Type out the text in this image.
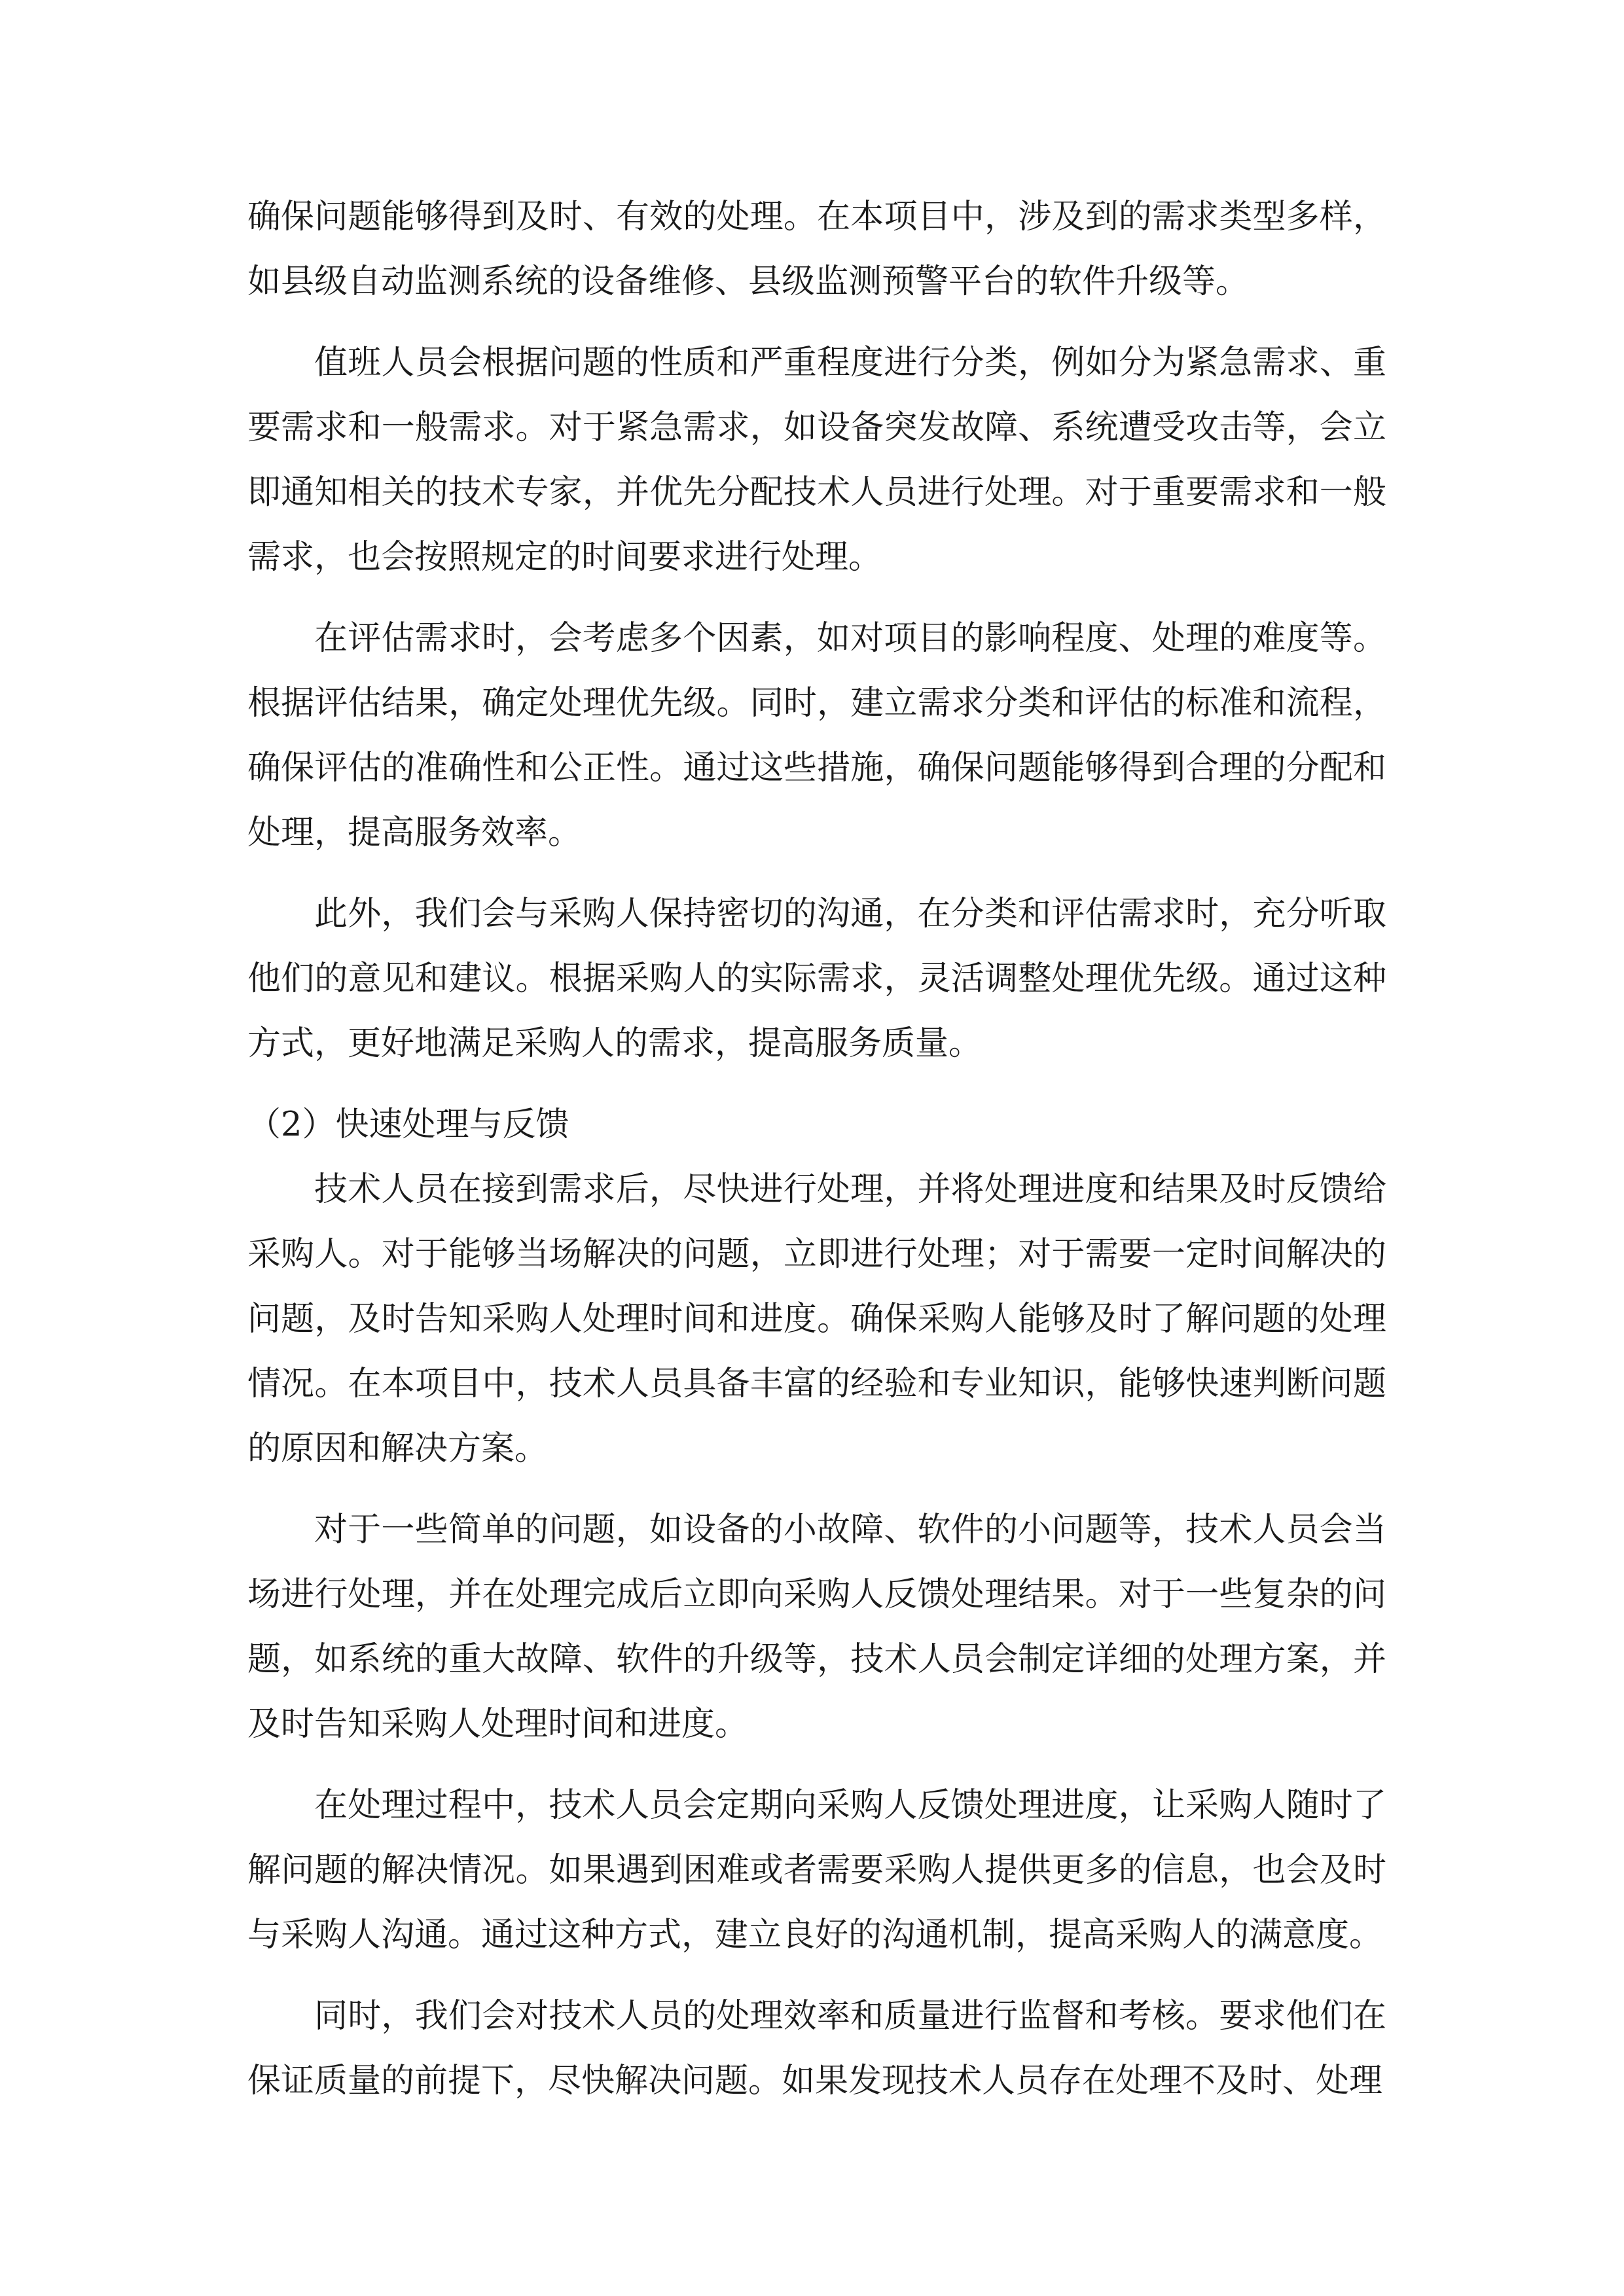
确保问题能够得到及时、有效的处理。在本项目中，涉及到的需求类型多样，如县级自动监测系统的设备维修、县级监测预警平台的软件升级等。

值班人员会根据问题的性质和严重程度进行分类，例如分为紧急需求、重要需求和一般需求。对于紧急需求，如设备突发故障、系统遭受攻击等，会立即通知相关的技术专家，并优先分配技术人员进行处理。对于重要需求和一般需求，也会按照规定的时间要求进行处理。

在评估需求时，会考虑多个因素，如对项目的影响程度、处理的难度等。根据评估结果，确定处理优先级。同时，建立需求分类和评估的标准和流程，确保评估的准确性和公正性。通过这些措施，确保问题能够得到合理的分配和处理，提高服务效率。

此外，我们会与采购人保持密切的沟通，在分类和评估需求时，充分听取他们的意见和建议。根据采购人的实际需求，灵活调整处理优先级。通过这种方式，更好地满足采购人的需求，提高服务质量。

（2）快速处理与反馈

技术人员在接到需求后，尽快进行处理，并将处理进度和结果及时反馈给采购人。对于能够当场解决的问题，立即进行处理；对于需要一定时间解决的问题，及时告知采购人处理时间和进度。确保采购人能够及时了解问题的处理情况。在本项目中，技术人员具备丰富的经验和专业知识，能够快速判断问题的原因和解决方案。

对于一些简单的问题，如设备的小故障、软件的小问题等，技术人员会当场进行处理，并在处理完成后立即向采购人反馈处理结果。对于一些复杂的问题，如系统的重大故障、软件的升级等，技术人员会制定详细的处理方案，并及时告知采购人处理时间和进度。

在处理过程中，技术人员会定期向采购人反馈处理进度，让采购人随时了解问题的解决情况。如果遇到困难或者需要采购人提供更多的信息，也会及时与采购人沟通。通过这种方式，建立良好的沟通机制，提高采购人的满意度。

同时，我们会对技术人员的处理效率和质量进行监督和考核。要求他们在保证质量的前提下，尽快解决问题。如果发现技术人员存在处理不及时、处理
